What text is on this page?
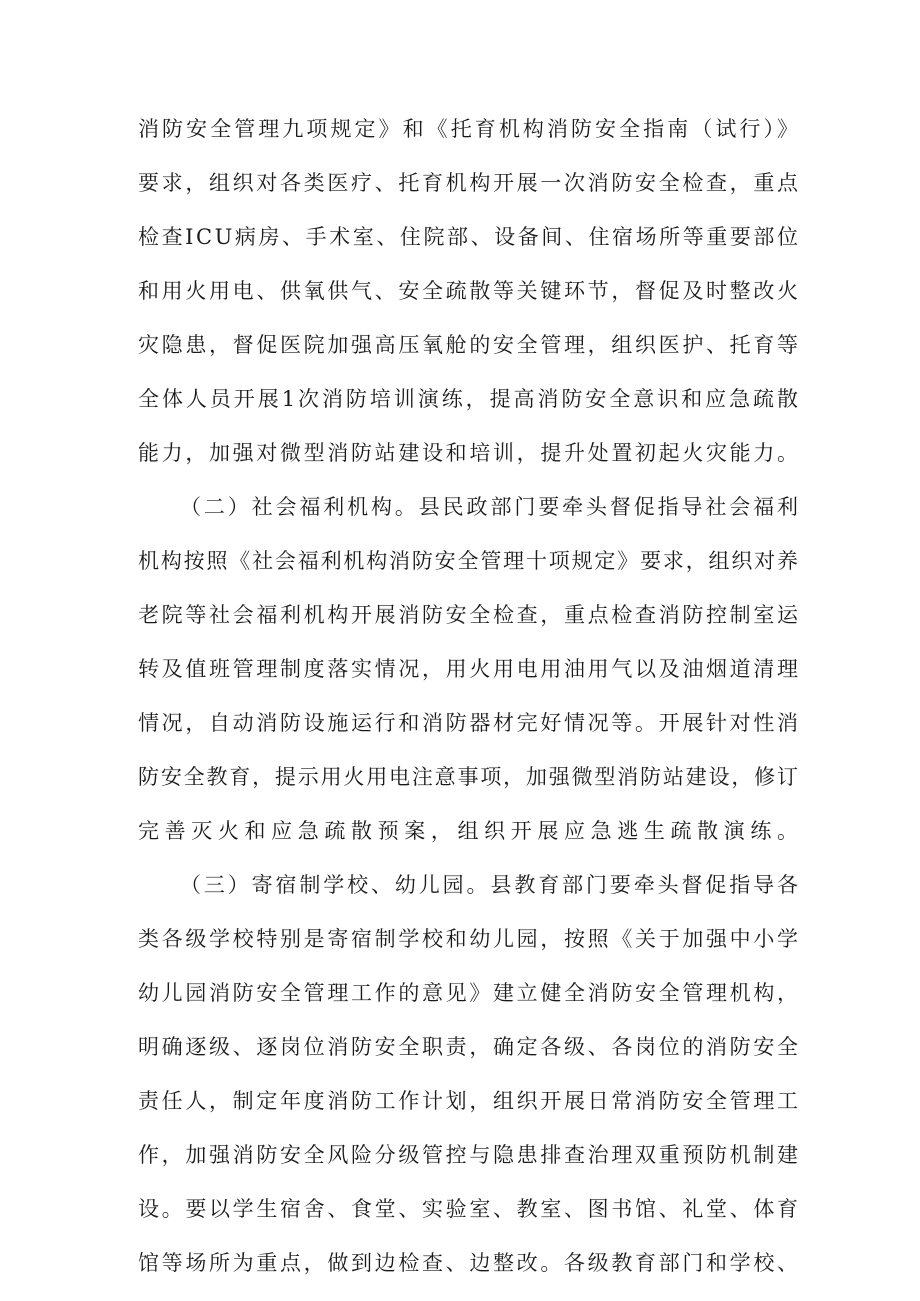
消防安全管理九项规定》和《托育机构消防安全指南（试行）》
要求，组织对各类医疗、托育机构开展一次消防安全检查，重点
检查ICU病房、手术室、住院部、设备间、住宿场所等重要部位
和用火用电、供氧供气、安全疏散等关键环节，督促及时整改火
灾隐患，督促医院加强高压氧舱的安全管理，组织医护、托育等
全体人员开展1次消防培训演练，提高消防安全意识和应急疏散
能力，加强对微型消防站建设和培训，提升处置初起火灾能力。
（二）社会福利机构。县民政部门要牵头督促指导社会福利
机构按照《社会福利机构消防安全管理十项规定》要求，组织对养
老院等社会福利机构开展消防安全检查，重点检查消防控制室运
转及值班管理制度落实情况，用火用电用油用气以及油烟道清理
情况，自动消防设施运行和消防器材完好情况等。开展针对性消
防安全教育，提示用火用电注意事项，加强微型消防站建设，修订
完善灭火和应急疏散预案，组织开展应急逃生疏散演练。
（三）寄宿制学校、幼儿园。县教育部门要牵头督促指导各
类各级学校特别是寄宿制学校和幼儿园，按照《关于加强中小学
幼儿园消防安全管理工作的意见》建立健全消防安全管理机构，
明确逐级、逐岗位消防安全职责，确定各级、各岗位的消防安全
责任人，制定年度消防工作计划，组织开展日常消防安全管理工
作，加强消防安全风险分级管控与隐患排查治理双重预防机制建
设。要以学生宿舍、食堂、实验室、教室、图书馆、礼堂、体育
馆等场所为重点，做到边检查、边整改。各级教育部门和学校、
